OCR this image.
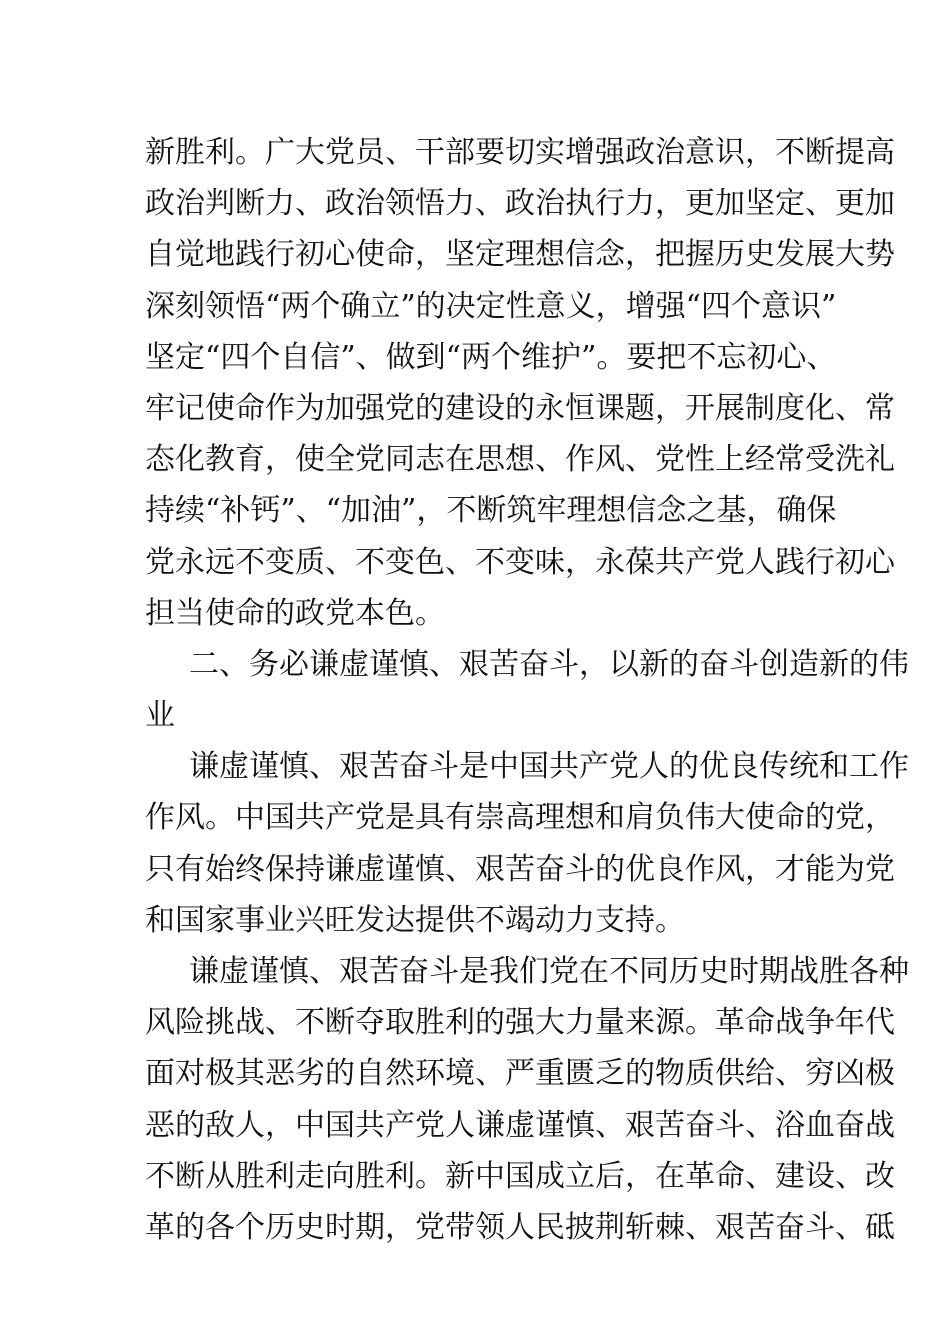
新胜利。广大党员、干部要切实增强政治意识，不断提高
政治判断力、政治领悟力、政治执行力，更加坚定、更加
自觉地践行初心使命，坚定理想信念，把握历史发展大势
深刻领悟“两个确立”的决定性意义，增强“四个意识”
坚定“四个自信”、做到“两个维护”。要把不忘初心、
牢记使命作为加强党的建设的永恒课题，开展制度化、常
态化教育，使全党同志在思想、作风、党性上经常受洗礼
持续“补钙”、“加油”，不断筑牢理想信念之基，确保
党永远不变质、不变色、不变味，永葆共产党人践行初心
担当使命的政党本色。
二、务必谦虚谨慎、艰苦奋斗，以新的奋斗创造新的伟
业
谦虚谨慎、艰苦奋斗是中国共产党人的优良传统和工作
作风。中国共产党是具有崇高理想和肩负伟大使命的党，
只有始终保持谦虚谨慎、艰苦奋斗的优良作风，才能为党
和国家事业兴旺发达提供不竭动力支持。
谦虚谨慎、艰苦奋斗是我们党在不同历史时期战胜各种
风险挑战、不断夺取胜利的强大力量来源。革命战争年代
面对极其恶劣的自然环境、严重匮乏的物质供给、穷凶极
恶的敌人，中国共产党人谦虚谨慎、艰苦奋斗、浴血奋战
不断从胜利走向胜利。新中国成立后，在革命、建设、改
革的各个历史时期，党带领人民披荆斩棘、艰苦奋斗、砥
